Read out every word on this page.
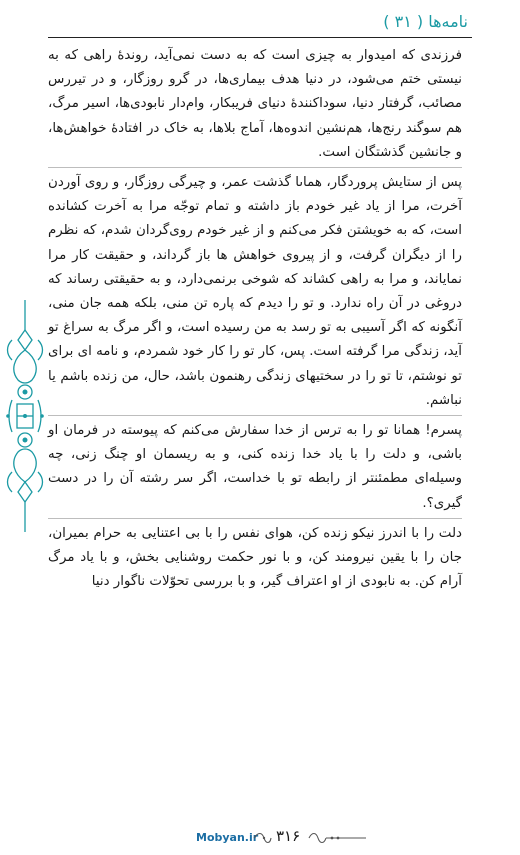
نامه‌ها ( ۳۱ )

فرزندی که امیدوار به چیزی است که به دست نمی‌آید، روندهٔ راهی که به نیستی ختم می‌شود، در دنیا هدف بیماری‌ها، در گرو روزگار، و در تیررس مصائب، گرفتار دنیا، سوداکنندهٔ دنیای فریبکار، وام‌دار نابودی‌ها، اسیر مرگ، هم سوگند رنج‌ها، هم‌نشین اندوه‌ها، آماج بلاها، به خاک در افتادهٔ خواهش‌ها، و جانشین گذشتگان است.

پس از ستایش پروردگار، هماںا گذشت عمر، و چیرگی روزگار، و روی آوردن آخرت، مرا از یاد غیر خودم باز داشته و تمام توجّه مرا به آخرت کشانده است، که به خویشتن فکر می‌کنم و از غیر خودم روی‌گردان شدم، که نظرم را از دیگران گرفت، و از پیروی خواهش ها باز گرداند، و حقیقت کار مرا نمایاند، و مرا به راهی کشاند که شوخی برنمی‌دارد، و به حقیقتی رساند که دروغی در آن راه ندارد. و تو را دیدم که پاره تن منی، بلکه همه جان منی، آنگونه که اگر آسیبی به تو رسد به من رسیده است، و اگر مرگ به سراغ تو آید، زندگی مرا گرفته است. پس، کار تو را کار خود شمردم، و نامه ای برای تو نوشتم، تا تو را در سختیهای زندگی رهنمون باشد، حال، من زنده باشم یا نباشم.

پسرم! همانا تو را به ترس از خدا سفارش می‌کنم که پیوسته در فرمان او باشی، و دلت را با یاد خدا زنده کنی، و به ریسمان او چنگ زنی، چه وسیله‌ای مطمئنتر از رابطه تو با خداست، اگر سر رشته آن را در دست گیری؟.

دلت را با اندرز نیکو زنده کن، هوای نفس را با بی اعتنایی به حرام بمیران، جان را با یقین نیرومند کن، و با نور حکمت روشنایی بخش، و با یاد مرگ آرام کن. به نابودی از او اعتراف گیر، و با بررسی تحوّلات ناگوار دنیا

Mobyan.ir ۳۱۶
